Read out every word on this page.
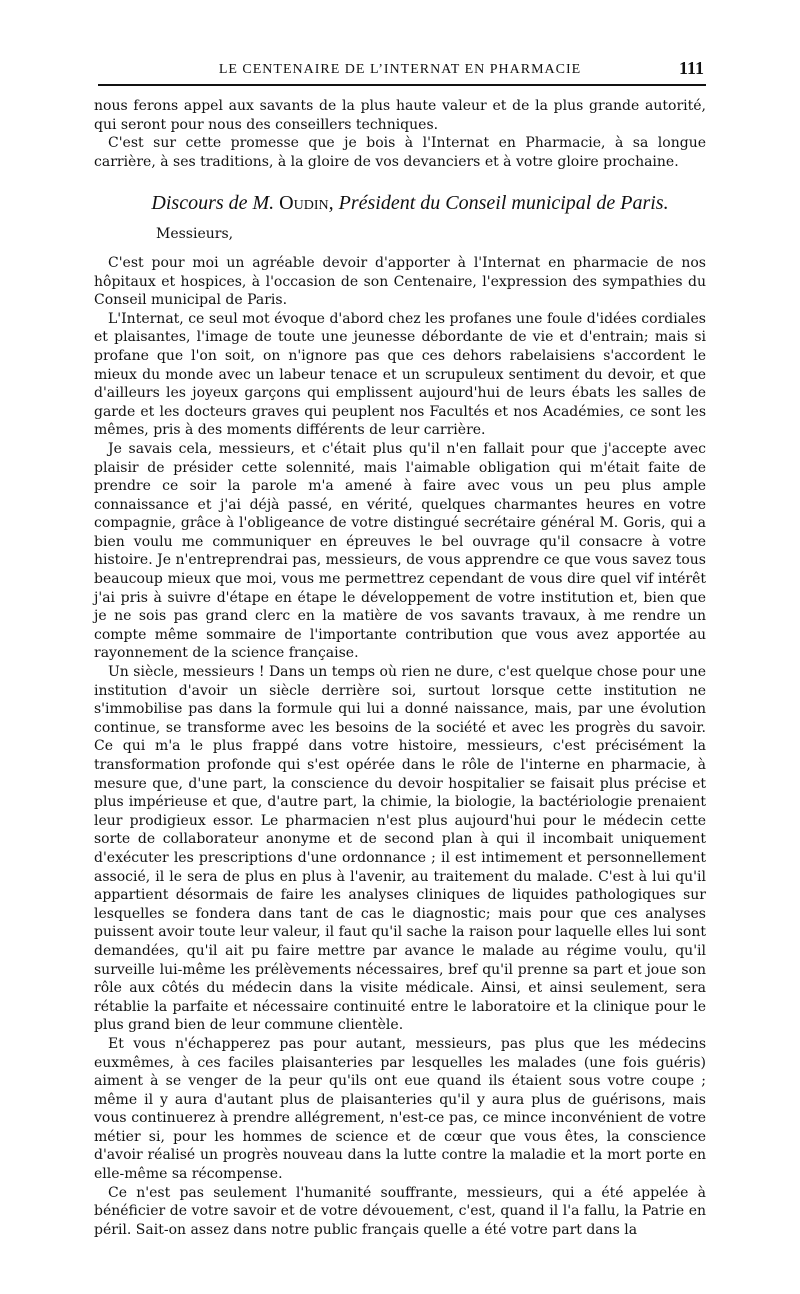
LE CENTENAIRE DE L’INTERNAT EN PHARMACIE	111

nous ferons appel aux savants de la plus haute valeur et de la plus grande autorité, qui seront pour nous des conseillers techniques.

C'est sur cette promesse que je bois à l'Internat en Pharmacie, à sa longue carrière, à ses traditions, à la gloire de vos devanciers et à votre gloire prochaine.

Discours de M. Oudin, Président du Conseil municipal de Paris.
Messieurs,

C'est pour moi un agréable devoir d'apporter à l'Internat en pharmacie de nos hôpitaux et hospices, à l'occasion de son Centenaire, l'expression des sympathies du Conseil municipal de Paris.

L'Internat, ce seul mot évoque d'abord chez les profanes une foule d'idées cordiales et plaisantes, l'image de toute une jeunesse débordante de vie et d'entrain; mais si profane que l'on soit, on n'ignore pas que ces dehors rabelaisiens s'accordent le mieux du monde avec un labeur tenace et un scrupuleux sentiment du devoir, et que d'ailleurs les joyeux garçons qui emplissent aujourd'hui de leurs ébats les salles de garde et les docteurs graves qui peuplent nos Facultés et nos Académies, ce sont les mêmes, pris à des moments différents de leur carrière.

Je savais cela, messieurs, et c'était plus qu'il n'en fallait pour que j'accepte avec plaisir de présider cette solennité, mais l'aimable obligation qui m'était faite de prendre ce soir la parole m'a amené à faire avec vous un peu plus ample connaissance et j'ai déjà passé, en vérité, quelques charmantes heures en votre compagnie, grâce à l'obligeance de votre distingué secrétaire général M. Goris, qui a bien voulu me communiquer en épreuves le bel ouvrage qu'il consacre à votre histoire. Je n'entreprendrai pas, messieurs, de vous apprendre ce que vous savez tous beaucoup mieux que moi, vous me permettrez cependant de vous dire quel vif intérêt j'ai pris à suivre d'étape en étape le développement de votre institution et, bien que je ne sois pas grand clerc en la matière de vos savants travaux, à me rendre un compte même sommaire de l'importante contribution que vous avez apportée au rayonnement de la science française.

Un siècle, messieurs ! Dans un temps où rien ne dure, c'est quelque chose pour une institution d'avoir un siècle derrière soi, surtout lorsque cette institution ne s'immobilise pas dans la formule qui lui a donné naissance, mais, par une évolution continue, se transforme avec les besoins de la société et avec les progrès du savoir. Ce qui m'a le plus frappé dans votre histoire, messieurs, c'est précisément la transformation profonde qui s'est opérée dans le rôle de l'interne en pharmacie, à mesure que, d'une part, la conscience du devoir hospitalier se faisait plus précise et plus impérieuse et que, d'autre part, la chimie, la biologie, la bactériologie prenaient leur prodigieux essor. Le pharmacien n'est plus aujourd'hui pour le médecin cette sorte de collaborateur anonyme et de second plan à qui il incombait uniquement d'exécuter les prescriptions d'une ordonnance ; il est intimement et personnellement associé, il le sera de plus en plus à l'avenir, au traitement du malade. C'est à lui qu'il appartient désormais de faire les analyses cliniques de liquides pathologiques sur lesquelles se fondera dans tant de cas le diagnostic; mais pour que ces analyses puissent avoir toute leur valeur, il faut qu'il sache la raison pour laquelle elles lui sont demandées, qu'il ait pu faire mettre par avance le malade au régime voulu, qu'il surveille lui-même les prélèvements nécessaires, bref qu'il prenne sa part et joue son rôle aux côtés du médecin dans la visite médicale. Ainsi, et ainsi seulement, sera rétablie la parfaite et nécessaire continuité entre le laboratoire et la clinique pour le plus grand bien de leur commune clientèle.

Et vous n'échapperez pas pour autant, messieurs, pas plus que les médecins euxmêmes, à ces faciles plaisanteries par lesquelles les malades (une fois guéris) aiment à se venger de la peur qu'ils ont eue quand ils étaient sous votre coupe ; même il y aura d'autant plus de plaisanteries qu'il y aura plus de guérisons, mais vous continuerez à prendre allégrement, n'est-ce pas, ce mince inconvénient de votre métier si, pour les hommes de science et de cœur que vous êtes, la conscience d'avoir réalisé un progrès nouveau dans la lutte contre la maladie et la mort porte en elle-même sa récompense.

Ce n'est pas seulement l'humanité souffrante, messieurs, qui a été appelée à bénéficier de votre savoir et de votre dévouement, c'est, quand il l'a fallu, la Patrie en péril. Sait-on assez dans notre public français quelle a été votre part dans la
